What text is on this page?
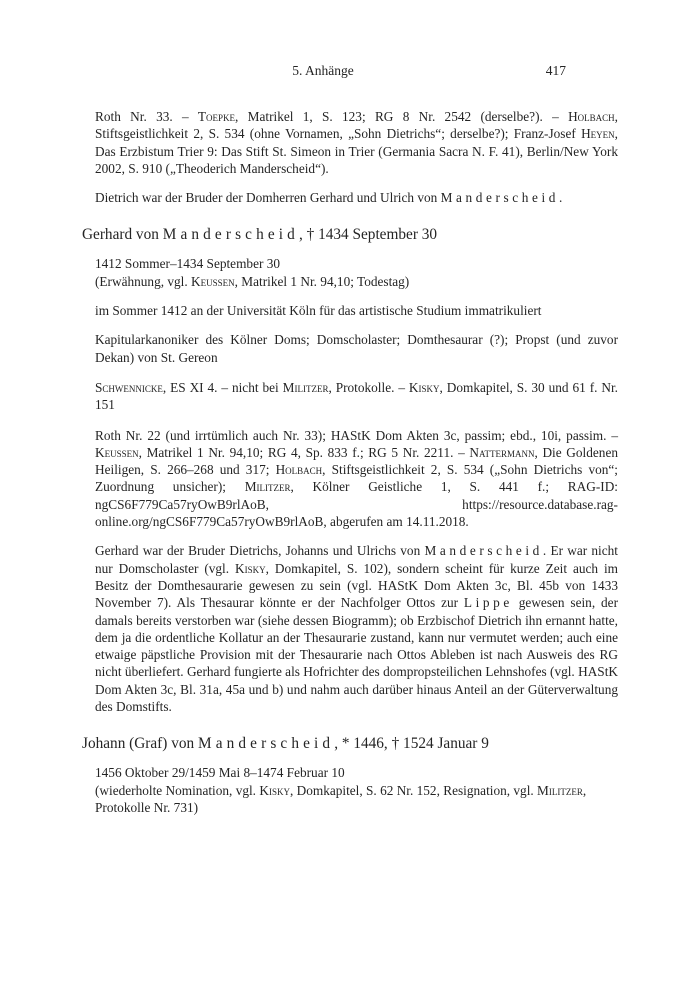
5. Anhänge	417

Roth Nr. 33. – Toepke, Matrikel 1, S. 123; RG 8 Nr. 2542 (derselbe?). – Holbach, Stiftsgeistlichkeit 2, S. 534 (ohne Vornamen, „Sohn Dietrichs“; derselbe?); Franz-Josef Heyen, Das Erzbistum Trier 9: Das Stift St. Simeon in Trier (Germania Sacra N. F. 41), Berlin/New York 2002, S. 910 („Theoderich Manderscheid“).

Dietrich war der Bruder der Domherren Gerhard und Ulrich von Manderscheid.

Gerhard von Manderscheid, † 1434 September 30

1412 Sommer–1434 September 30

(Erwähnung, vgl. Keussen, Matrikel 1 Nr. 94,10; Todestag)

im Sommer 1412 an der Universität Köln für das artistische Studium immatrikuliert

Kapitularkanoniker des Kölner Doms; Domscholaster; Domthesaurar (?); Propst (und zuvor Dekan) von St. Gereon

Schwennicke, ES XI 4. – nicht bei Militzer, Protokolle. – Kisky, Domkapitel, S. 30 und 61 f. Nr. 151

Roth Nr. 22 (und irrtümlich auch Nr. 33); HAStK Dom Akten 3c, passim; ebd., 10i, passim. – Keussen, Matrikel 1 Nr. 94,10; RG 4, Sp. 833 f.; RG 5 Nr. 2211. – Nattermann, Die Goldenen Heiligen, S. 266–268 und 317; Holbach, Stiftsgeistlichkeit 2, S. 534 („Sohn Dietrichs von“; Zuordnung unsicher); Militzer, Kölner Geistliche 1, S. 441 f.; RAG-ID: ngCS6F779Ca57ryOwB9rlAoB, https://resource.database.rag-online.org/ngCS6F779Ca57ryOwB9rlAoB, abgerufen am 14.11.2018.

Gerhard war der Bruder Dietrichs, Johanns und Ulrichs von Manderscheid. Er war nicht nur Domscholaster (vgl. Kisky, Domkapitel, S. 102), sondern scheint für kurze Zeit auch im Besitz der Domthesaurarie gewesen zu sein (vgl. HAStK Dom Akten 3c, Bl. 45b von 1433 November 7). Als Thesaurar könnte er der Nachfolger Ottos zur Lippe gewesen sein, der damals bereits verstorben war (siehe dessen Biogramm); ob Erzbischof Dietrich ihn ernannt hatte, dem ja die ordentliche Kollatur an der Thesaurarie zustand, kann nur vermutet werden; auch eine etwaige päpstliche Provision mit der Thesaurarie nach Ottos Ableben ist nach Ausweis des RG nicht überliefert. Gerhard fungierte als Hofrichter des dompropsteilichen Lehnshofes (vgl. HAStK Dom Akten 3c, Bl. 31a, 45a und b) und nahm auch darüber hinaus Anteil an der Güterverwaltung des Domstifts.

Johann (Graf) von Manderscheid, * 1446, † 1524 Januar 9

1456 Oktober 29/1459 Mai 8–1474 Februar 10

(wiederholte Nomination, vgl. Kisky, Domkapitel, S. 62 Nr. 152, Resignation, vgl. Militzer, Protokolle Nr. 731)
